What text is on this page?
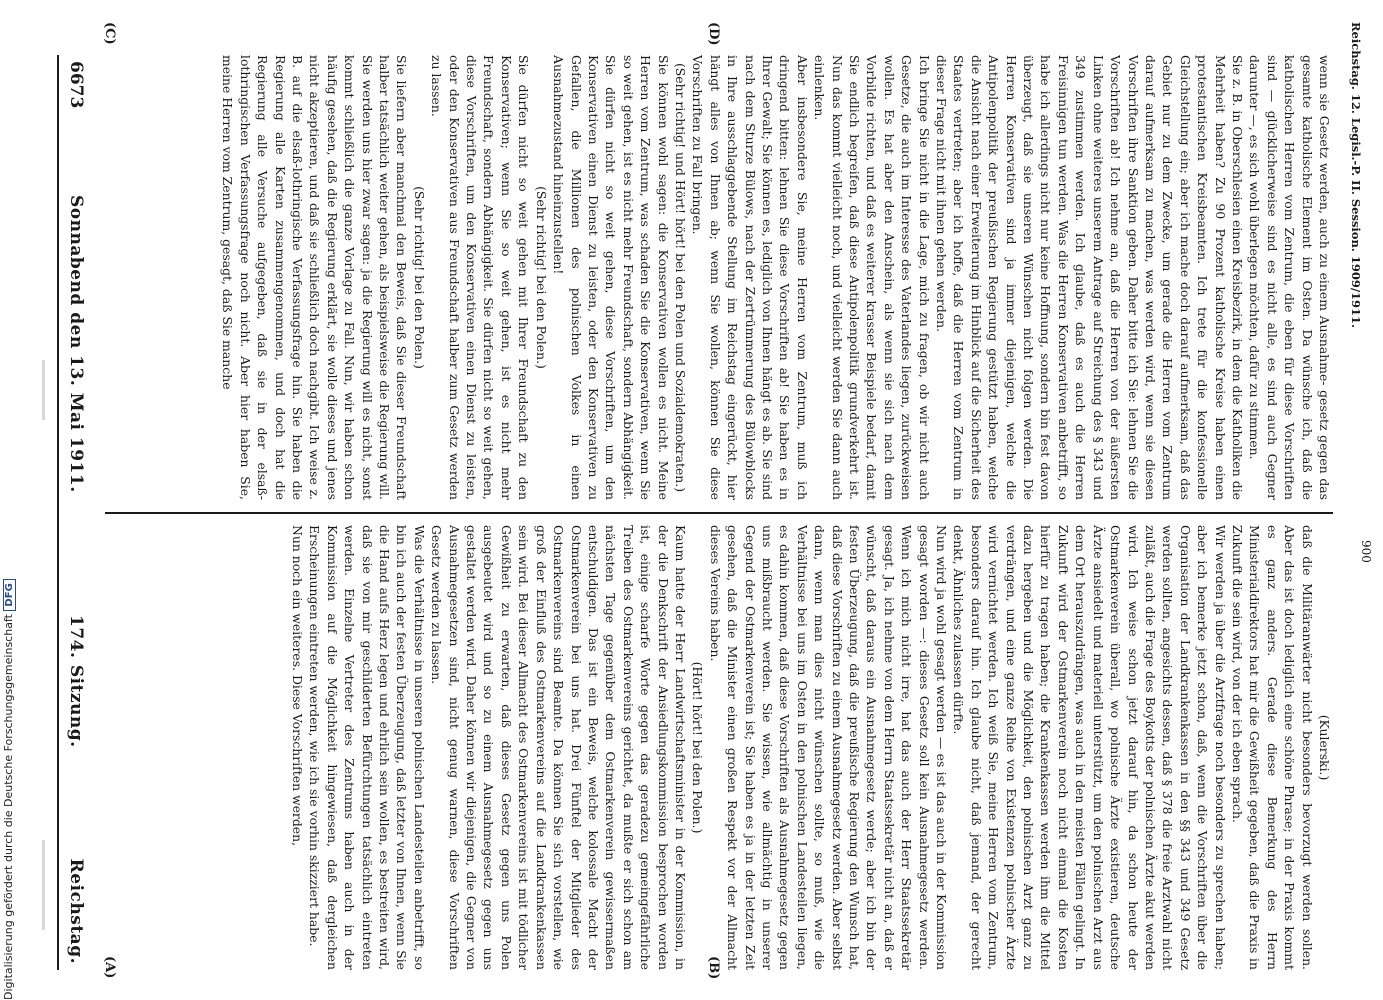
6673
Sonnabend den 13. Mai 1911.
174. Sitzung.
Reichstag.
(A)	(B)
(C)	(D)

wenn sie Gesetz werden, auch zu einem Ausnahme- gesetz gegen das gesamte katholische Element im Osten. Da wünsche ich, daß die katholischen Herren vom Zentrum, die eben für diese Vorschriften sind — glücklicherweise sind es nicht alle, es sind auch Gegner darunter —, es sich wohl überlegen möchten, dafür zu stimmen.

Sie z. B. in Oberschlesien einen Kreisbezirk, in dem die Katholiken die Mehrheit haben? Zu 90 Prozent katholische Kreise haben einen protestantischen Kreisbeamten. Ich trete für die konfessionelle Gleichstellung ein; aber ich mache doch darauf aufmerksam, daß das Gebiet nur zu dem Zwecke, um gerade die Herren vom Zentrum darauf aufmerksam zu machen, was werden wird, wenn sie diesen Vorschriften ihre Sanktion geben. Daher bitte ich Sie: lehnen Sie die Vorschriften ab! Ich nehme an, daß die Herren von der äußersten Linken ohne weiteres unserem Antrage auf Streichung des § 343 und 349 zustimmen werden. Ich glaube, daß es auch die Herren Freisinnigen tun werden. Was die Herren Konservativen anbetrifft, so habe ich allerdings nicht nur keine Hoffnung, sondern bin fest davon überzeugt, daß sie unseren Wünschen nicht folgen werden. Die Herren Konservativen sind ja immer diejenigen, welche die Antipolenpolitik der preußischen Regierung gestützt haben, welche die Ansicht nach einer Erweiterung im Hinblick auf die Sicherheit des Staates vertreten; aber ich hoffe, daß die Herren vom Zentrum in dieser Frage nicht mit ihnen gehen werden.

Ich bringe Sie nicht in die Lage, mich zu fragen, ob wir nicht auch Gesetze, die auch im Interesse des Vaterlandes liegen, zurückweisen wollen. Es hat aber den Anschein, als wenn sie sich nach dem Vorbilde richten, und daß es weiterer krasser Beispiele bedarf, damit Sie endlich begreifen, daß diese Antipolenpolitik grundverkehrt ist. Nun das kommt vielleicht noch, und vielleicht werden Sie dann auch einlenken.

Aber insbesondere Sie, meine Herren vom Zentrum, muß ich dringend bitten: lehnen Sie diese Vorschriften ab! Sie haben es in Ihrer Gewalt; Sie können es, lediglich von Ihnen hängt es ab. Sie sind nach dem Sturze Bülows, nach der Zertrümmerung des Bülowblocks in Ihre ausschlaggebende Stellung im Reichstag eingerückt, hier hängt alles von Ihnen ab; wenn Sie wollen, können Sie diese Vorschriften zu Fall bringen.

(Sehr richtig! und Hört! hört! bei den Polen und Sozialdemokraten.)

Sie können wohl sagen: die Konservativen wollen es nicht. Meine Herren vom Zentrum, was schaden Sie die Konservativen, wenn Sie so weit gehen, ist es nicht mehr Freundschaft, sondern Abhängigkeit. Sie dürfen nicht so weit gehen, diese Vorschriften, um den Konservativen einen Dienst zu leisten, oder den Konservativen zu Gefallen, die Millionen des polnischen Volkes in einen Ausnahmezustand hineinzustellen!

(Sehr richtig! bei den Polen.)

Sie dürfen nicht so weit gehen mit Ihrer Freundschaft zu den Konservativen; wenn Sie so weit gehen, ist es nicht mehr Freundschaft, sondern Abhängigkeit. Sie dürfen nicht so weit gehen, diese Vorschriften, um den Konservativen einen Dienst zu leisten, oder den Konservativen aus Freundschaft halber zum Gesetz werden zu lassen.

(Sehr richtig! bei den Polen.)

Sie liefern aber manchmal den Beweis, daß Sie dieser Freundschaft halber tatsächlich weiter gehen, als beispielsweise die Regierung will. Sie werden uns hier zwar sagen: ja die Regierung will es nicht, sonst kommt schließlich die ganze Vorlage zu Fall. Nun, wir haben schon häufig gesehen, daß die Regierung erklärt, sie wolle dieses und jenes nicht akzeptieren, und daß sie schließlich doch nachgibt. Ich weise z. B. auf die elsaß-lothringische Verfassungsfrage hin. Sie haben die Regierung alle Karten zusammengenommen, und doch hat die Regierung alle Versuche aufgegeben, daß sie in der elsaß-lothringischen Verfassungsfrage noch nicht. Aber hier haben Sie, meine Herren vom Zentrum, gesagt, daß Sie manche

(Kulerski.)

daß die Militäranwärter nicht besonders bevorzugt werden sollen. Aber das ist doch lediglich eine schöne Phrase; in der Praxis kommt es ganz anders. Gerade diese Bemerkung des Herrn Ministerialdirektors hat mir die Gewißheit gegeben, daß die Praxis in Zukunft die sein wird, von der ich eben sprach.

Wir werden ja über die Arztfrage noch besonders zu sprechen haben; aber ich bemerke jetzt schon, daß, wenn die Vorschriften über die Organisation der Landkrankenkassen in den §§ 343 und 349 Gesetz werden sollten, angesichts dessen, daß § 378 die freie Arztwahl nicht zuläßt, auch die Frage des Boykotts der polnischen Ärzte akut werden wird. Ich weise schon jetzt darauf hin, da schon heute der Ostmarkenverein überall, wo polnische Ärzte existieren, deutsche Ärzte ansiedelt und materiell unterstützt, um den polnischen Arzt aus dem Ort herauszudrängen, was auch in den meisten Fällen gelingt. In Zukunft wird der Ostmarkenverein noch nicht einmal die Kosten hierfür zu tragen haben; die Krankenkassen werden ihm die Mittel dazu hergeben und die Möglichkeit, den polnischen Arzt ganz zu verdrängen, und eine ganze Reihe von Existenzen polnischer Ärzte wird vernichtet werden. Ich weiß Sie, meine Herren vom Zentrum, besonders darauf hin. Ich glaube nicht, daß jemand, der gerecht denkt, Ähnliches zulassen dürfte.

Nun wird ja wohl gesagt werden — es ist das auch in der Kommission gesagt worden —: dieses Gesetz soll kein Ausnahmegesetz werden. Wenn ich mich nicht irre, hat das auch der Herr Staatssekretär gesagt. Ja, ich nehme von dem Herrn Staatssekretär nicht an, daß er wünscht, daß daraus ein Ausnahmegesetz werde; aber ich bin der festen Überzeugung, daß die preußische Regierung den Wunsch hat, daß diese Vorschriften zu einem Ausnahmegesetz werden. Aber selbst dann, wenn man dies nicht wünschen sollte, so muß, wie die Verhältnisse bei uns im Osten in den polnischen Landesteilen liegen, es dahin kommen, daß diese Vorschriften als Ausnahmegesetz gegen uns mißbraucht werden. Sie wissen, wie allmächtig in unserer Gegend der Ostmarkenverein ist; Sie haben es ja in der letzten Zeit gesehen, daß die Minister einen großen Respekt vor der Allmacht dieses Vereins haben.

(Hört! hört! bei den Polen.)

Kaum hatte der Herr Landwirtschaftsminister in der Kommission, in der die Denkschrift der Ansiedlungskommission besprochen worden ist, einige scharfe Worte gegen das geradezu gemeingefährliche Treiben des Ostmarkenvereins gerichtet, da mußte er sich schon am nächsten Tage gegenüber dem Ostmarkenverein gewissermaßen entschuldigen. Das ist ein Beweis, welche kolossale Macht der Ostmarkenverein bei uns hat. Drei Fünftel der Mitglieder des Ostmarkenvereins sind Beamte. Da können Sie sich vorstellen, wie groß der Einfluß des Ostmarkenvereins auf die Landkrankenkassen sein wird. Bei dieser Allmacht des Ostmarkenvereins ist mit tödlicher Gewißheit zu erwarten, daß dieses Gesetz gegen uns Polen ausgebeutet wird und so zu einem Ausnahmegesetz gegen uns gestaltet werden wird. Daher können wir diejenigen, die Gegner von Ausnahmegesetzen sind, nicht genug warnen, diese Vorschriften Gesetz werden zu lassen.

Was die Verhältnisse in unseren polnischen Landesteilen anbetrifft, so bin ich auch der festen Überzeugung, daß letzter von Ihnen, wenn Sie die Hand aufs Herz legen und ehrlich sein wollen, es bestreiten wird, daß sie von mir geschilderten Befürchtungen tatsächlich eintreten werden. Einzelne Vertreter des Zentrums haben auch in der Kommission auf die Möglichkeit hingewiesen, daß dergleichen Erscheinungen eintreten werden, wie ich sie vorhin skizziert habe.

Nun noch ein weiteres. Diese Vorschriften werden,	900
Reichstag. 12. Legisl.-P. II. Session. 1909/1911.
Digitalisierung gefördert durch die Deutsche Forschungsgemeinschaft DFG
